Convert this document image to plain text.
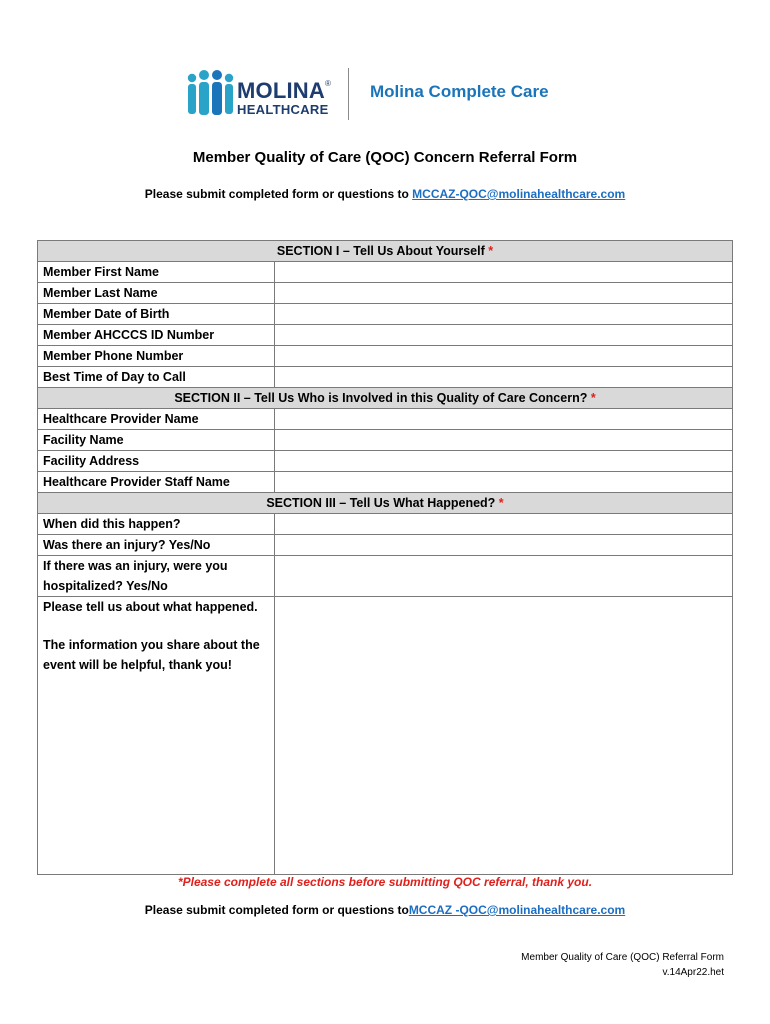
MOLINA®
HEALTHCARE
Molina Complete Care
Member Quality of Care (QOC) Concern Referral Form
Please submit completed form or questions to MCCAZ-QOC@molinahealthcare.com
SECTION I – Tell Us About Yourself *	
Member First Name	
Member Last Name	
Member Date of Birth	
Member AHCCCS ID Number	
Member Phone Number	
Best Time of Day to Call	
SECTION II – Tell Us Who is Involved in this Quality of Care Concern? *	
Healthcare Provider Name	
Facility Name	
Facility Address	
Healthcare Provider Staff Name	
SECTION III – Tell Us What Happened? *	
When did this happen?	
Was there an injury? Yes/No	
If there was an injury, were you hospitalized? Yes/No	

Please tell us about what happened.
The information you share about the event will be helpful, thank you!	

*Please complete all sections before submitting QOC referral, thank you.
Please submit completed form or questions toMCCAZ -QOC@molinahealthcare.com
Member Quality of Care (QOC) Referral Form
v.14Apr22.het
